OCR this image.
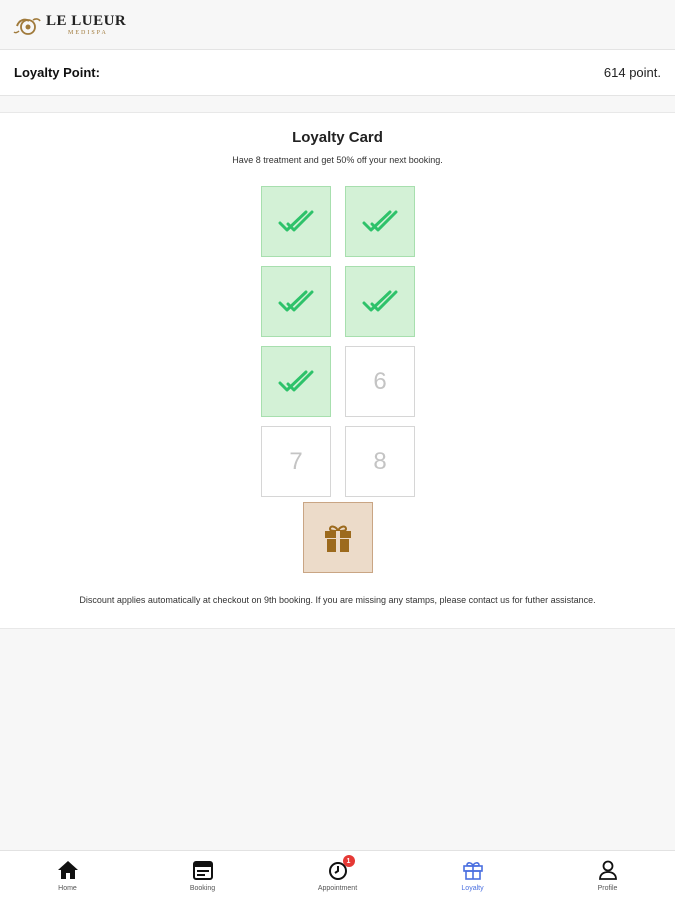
LE LUEUR
MEDISPA
Loyalty Point:	614 point.
Loyalty Card
Have 8 treatment and get 50% off your next booking.
6
7	8
Discount applies automatically at checkout on 9th booking. If you are missing any stamps, please contact us for futher assistance.
Home	Booking
1
Appointment	Loyalty	Profile
